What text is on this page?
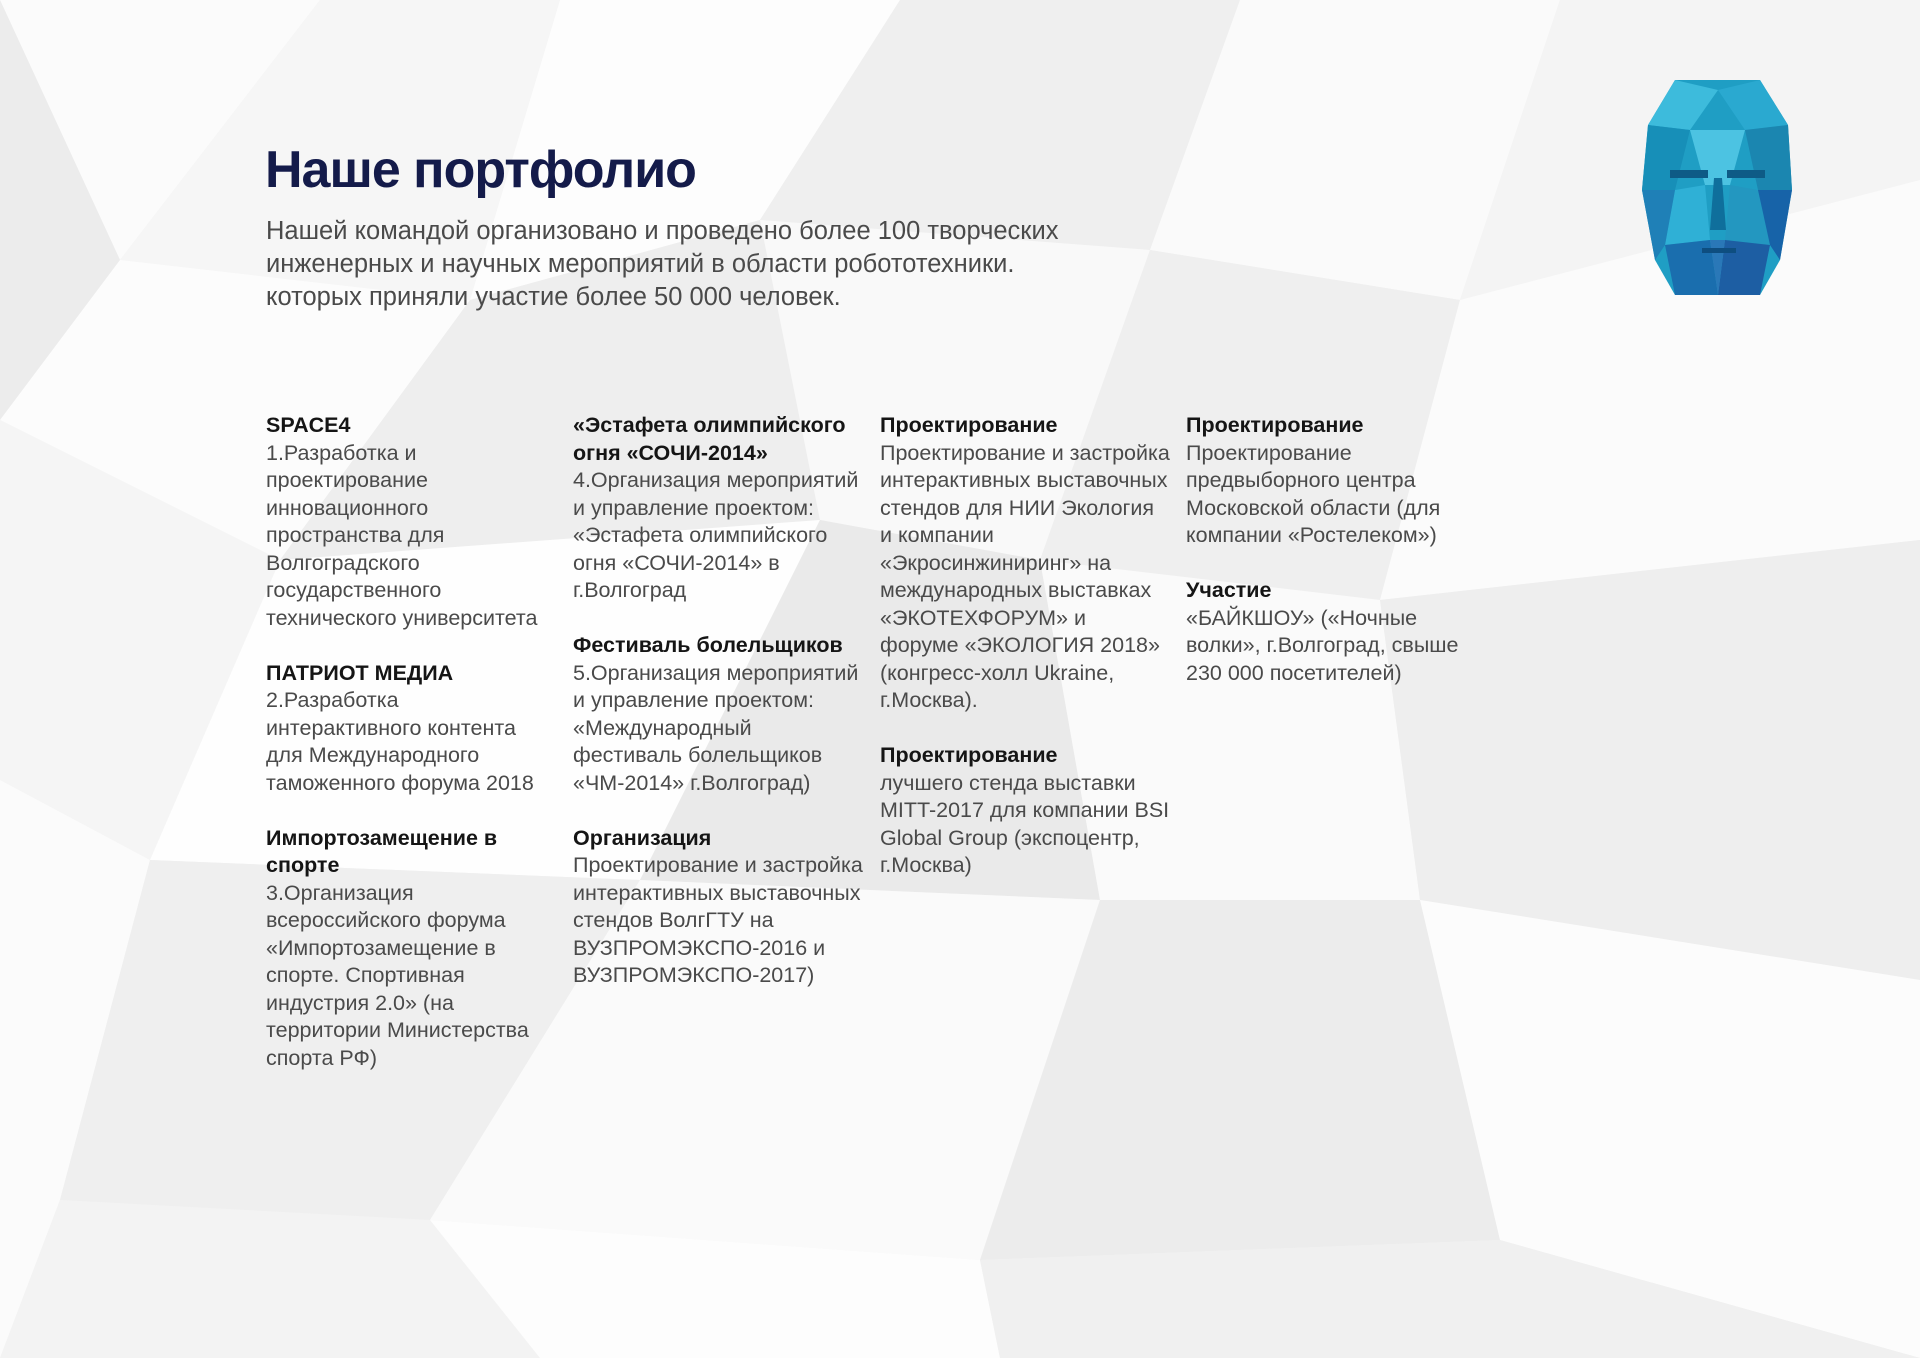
Наше портфолио

Нашей командой организовано и проведено более 100 творческих
инженерных и научных мероприятий в области робототехники.
которых приняли участие более 50 000 человек.

SPACE4
1.Разработка и проектирование инновационного пространства для Волгоградского государственного технического университета
ПАТРИОТ МЕДИА
2.Разработка интерактивного контента для Международного таможенного форума 2018
Импортозамещение в спорте
3.Организация всероссийского форума «Импортозамещение в спорте. Спортивная индустрия 2.0» (на территории Министерства спорта РФ)
«Эстафета олимпийского огня «СОЧИ-2014»
4.Организация мероприятий и управление проектом: «Эстафета олимпийского огня «СОЧИ-2014» в г.Волгоград
Фестиваль болельщиков
5.Организация мероприятий и управление проектом: «Международный фестиваль болельщиков «ЧМ-2014» г.Волгоград)
Организация
Проектирование и застройка интерактивных выставочных стендов ВолгГТУ на ВУЗПРОМЭКСПО-2016 и ВУЗПРОМЭКСПО-2017)
Проектирование
Проектирование и застройка интерактивных выставочных стендов для НИИ Экология и компании «Экросинжиниринг» на международных выставках «ЭКОТЕХФОРУМ» и форуме «ЭКОЛОГИЯ 2018» (конгресс-холл Ukraine, г.Москва).
Проектирование
лучшего стенда выставки MITT-2017 для компании BSI Global Group (экспоцентр, г.Москва)
Проектирование
Проектирование предвыборного центра Московской области (для компании «Ростелеком»)
Участие
«БАЙКШОУ» («Ночные волки», г.Волгоград, свыше 230 000 посетителей)
